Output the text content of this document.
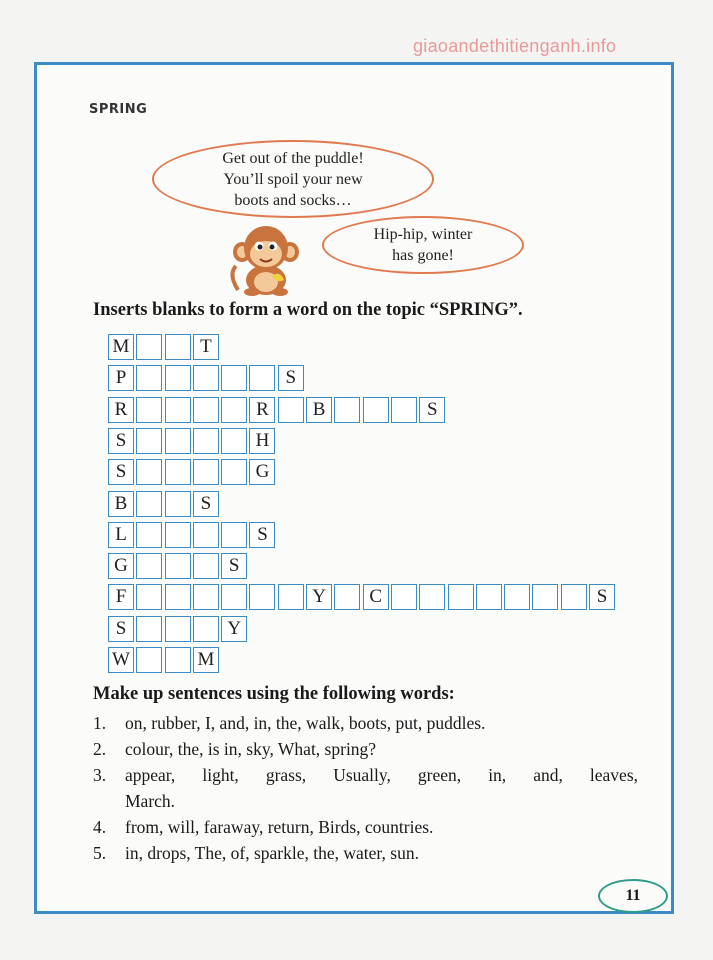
giaoandethitienganh.info
SPRING
Get out of the puddle!
You’ll spoil your new
boots and socks…
Hip-hip, winter
has gone!
Inserts blanks to form a word on the topic “SPRING”.
M	T
P	S
R	R	B	S
S	H
S	G
B	S
L	S
G	S
F	Y	C	S
S	Y
W	M
Make up sentences using the following words:
1.	on, rubber, I, and, in, the, walk, boots, put, puddles.
2.	colour, the, is in, sky, What, spring?
3.	appear, light, grass, Usually, green, in, and, leaves,
March.
4.	from, will, faraway, return, Birds, countries.
5.	in, drops, The, of, sparkle, the, water, sun.
11
